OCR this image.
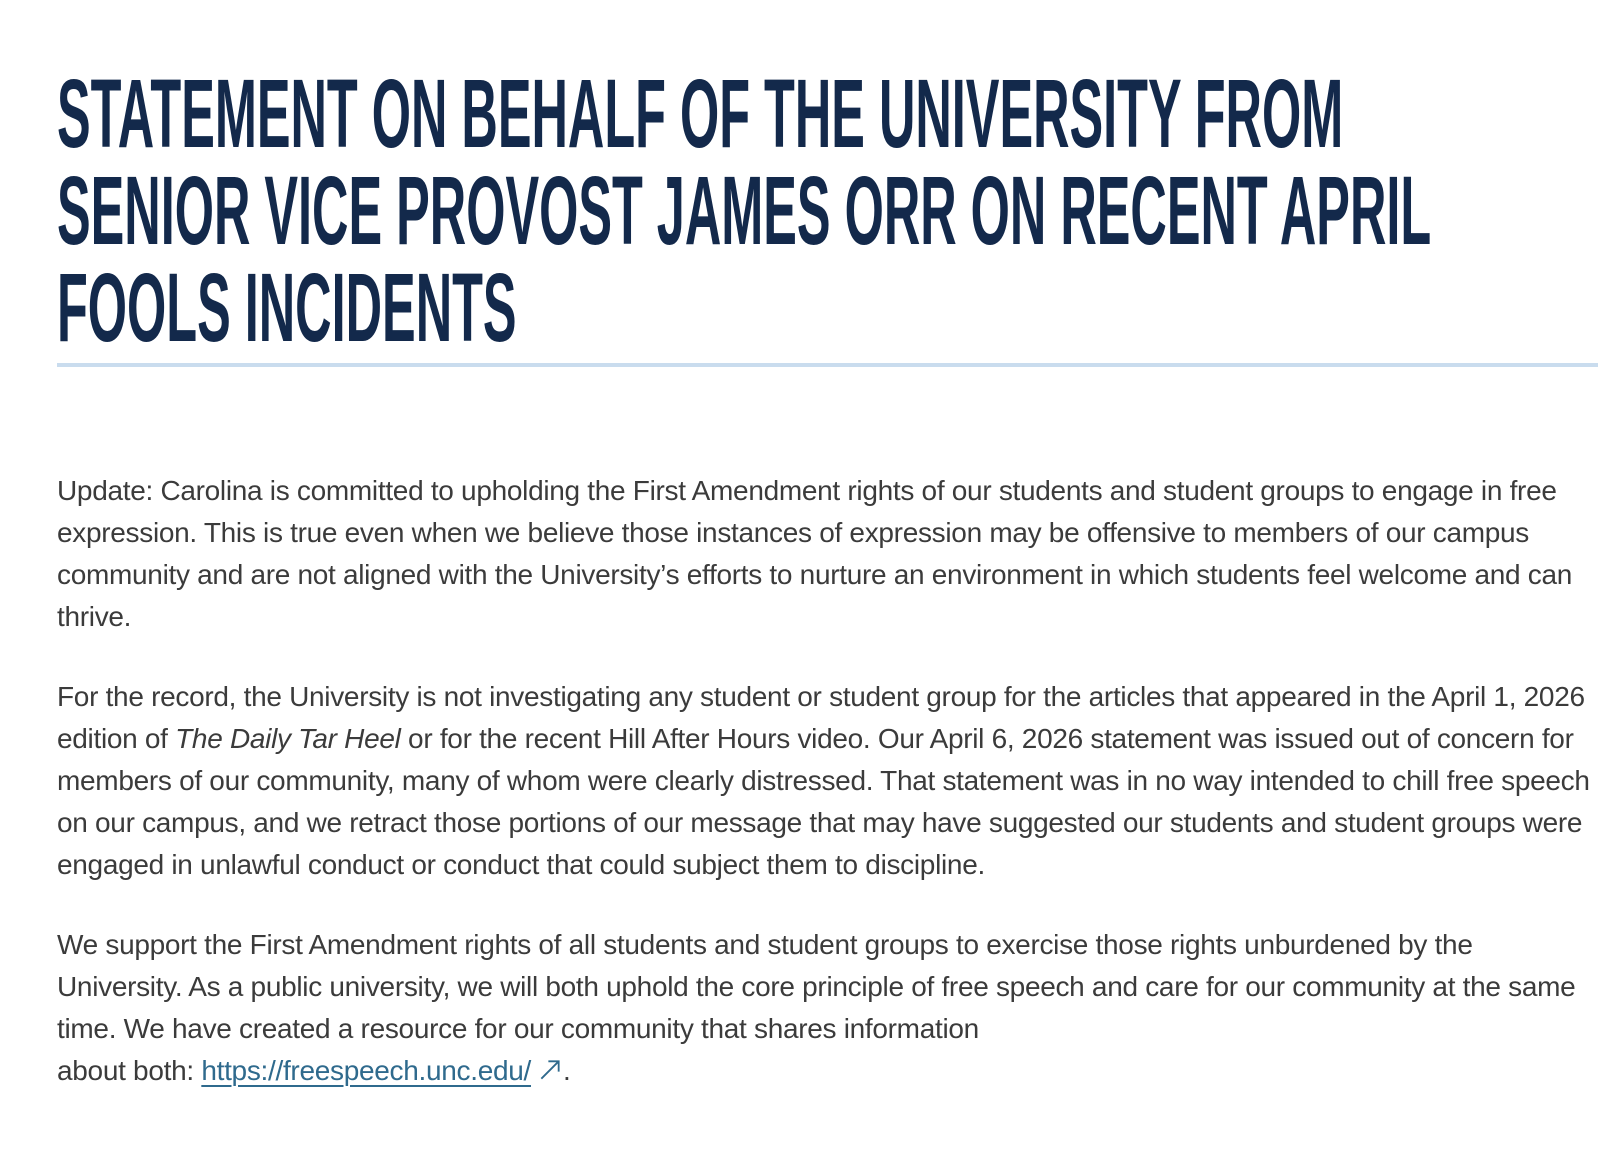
STATEMENT ON BEHALF OF THE UNIVERSITY FROM
SENIOR VICE PROVOST JAMES ORR ON RECENT APRIL
FOOLS INCIDENTS

Update: Carolina is committed to upholding the First Amendment rights of our students and student groups to engage in free expression. This is true even when we believe those instances of expression may be offensive to members of our campus community and are not aligned with the University’s efforts to nurture an environment in which students feel welcome and can thrive.

For the record, the University is not investigating any student or student group for the articles that appeared in the April 1, 2026 edition of The Daily Tar Heel or for the recent Hill After Hours video. Our April 6, 2026 statement was issued out of concern for members of our community, many of whom were clearly distressed. That statement was in no way intended to chill free speech on our campus, and we retract those portions of our message that may have suggested our students and student groups were engaged in unlawful conduct or conduct that could subject them to discipline.

We support the First Amendment rights of all students and student groups to exercise those rights unburdened by the University. As a public university, we will both uphold the core principle of free speech and care for our community at the same time. We have created a resource for our community that shares information
about both: https://freespeech.unc.edu/ .
